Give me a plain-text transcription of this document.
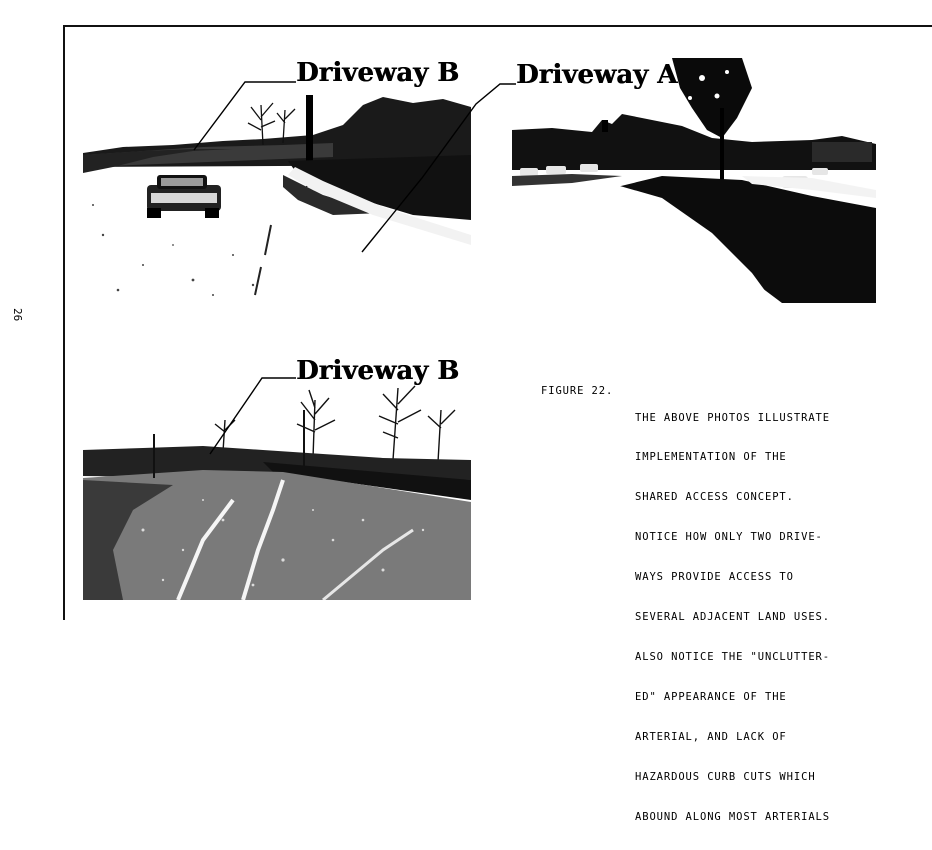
26
Driveway B Driveway A
Driveway B
FIGURE 22.

THE ABOVE PHOTOS ILLUSTRATE

IMPLEMENTATION OF THE

SHARED ACCESS CONCEPT.

NOTICE HOW ONLY TWO DRIVE-

WAYS PROVIDE ACCESS TO

SEVERAL ADJACENT LAND USES.

ALSO NOTICE THE "UNCLUTTER-

ED" APPEARANCE OF THE

ARTERIAL, AND LACK OF

HAZARDOUS CURB CUTS WHICH

ABOUND ALONG MOST ARTERIALS
